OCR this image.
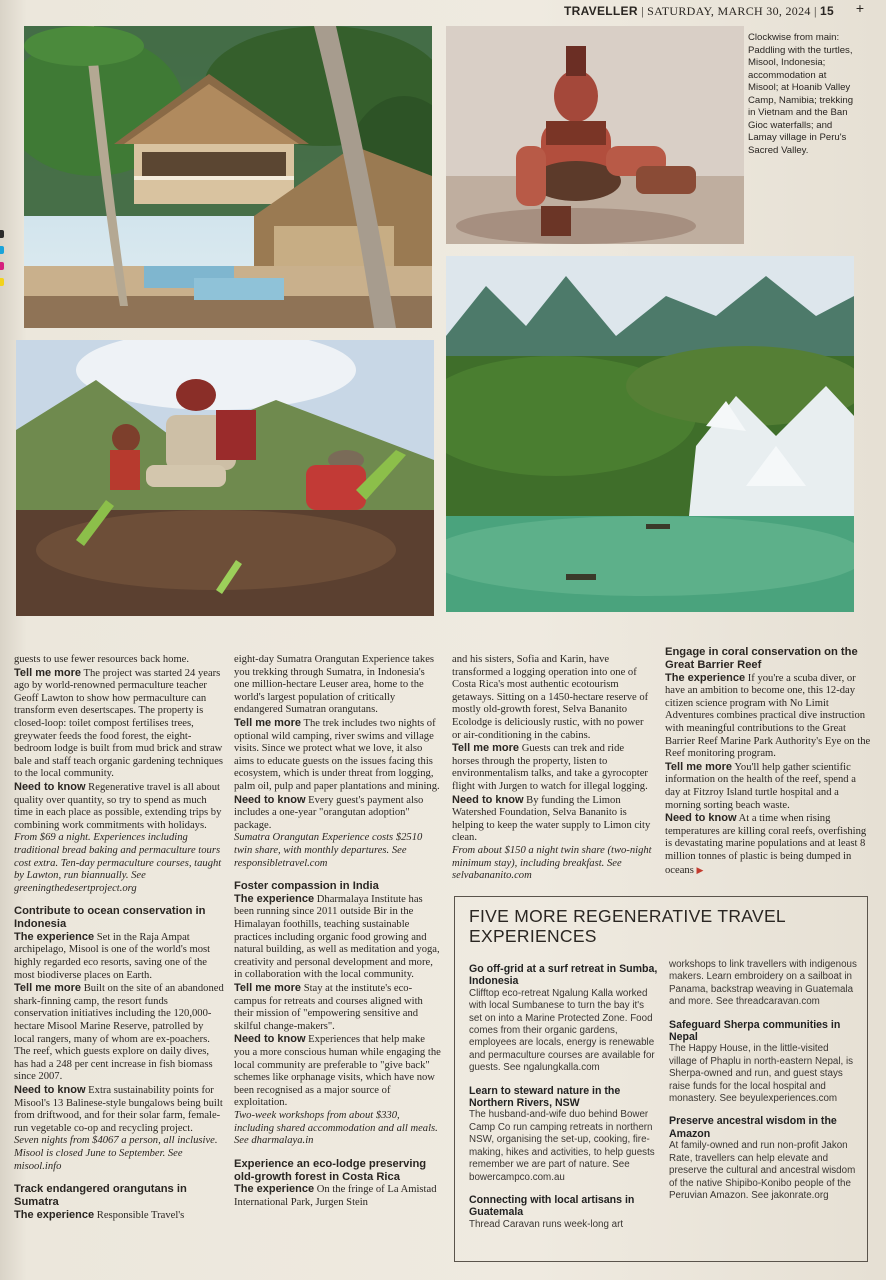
TRAVELLER | SATURDAY, MARCH 30, 2024 | 15 +
Clockwise from main: Paddling with the turtles, Misool, Indonesia; accommodation at Misool; at Hoanib Valley Camp, Namibia; trekking in Vietnam and the Ban Gioc waterfalls; and Lamay village in Peru's Sacred Valley.

guests to use fewer resources back home.

Tell me more The project was started 24 years ago by world-renowned permaculture teacher Geoff Lawton to show how permaculture can transform even desertscapes. The property is closed-loop: toilet compost fertilises trees, greywater feeds the food forest, the eight-bedroom lodge is built from mud brick and straw bale and staff teach organic gardening techniques to the local community.

Need to know Regenerative travel is all about quality over quantity, so try to spend as much time in each place as possible, extending trips by combining work commitments with holidays.

From $69 a night. Experiences including traditional bread baking and permaculture tours cost extra. Ten-day permaculture courses, taught by Lawton, run biannually. See greeningthedesertproject.org

Contribute to ocean conservation in Indonesia

The experience Set in the Raja Ampat archipelago, Misool is one of the world's most highly regarded eco resorts, saving one of the most biodiverse places on Earth.

Tell me more Built on the site of an abandoned shark-finning camp, the resort funds conservation initiatives including the 120,000-hectare Misool Marine Reserve, patrolled by local rangers, many of whom are ex-poachers. The reef, which guests explore on daily dives, has had a 248 per cent increase in fish biomass since 2007.

Need to know Extra sustainability points for Misool's 13 Balinese-style bungalows being built from driftwood, and for their solar farm, female-run vegetable co-op and recycling project.

Seven nights from $4067 a person, all inclusive. Misool is closed June to September. See misool.info

Track endangered orangutans in Sumatra

The experience Responsible Travel's

eight-day Sumatra Orangutan Experience takes you trekking through Sumatra, in Indonesia's one million-hectare Leuser area, home to the world's largest population of critically endangered Sumatran orangutans.

Tell me more The trek includes two nights of optional wild camping, river swims and village visits. Since we protect what we love, it also aims to educate guests on the issues facing this ecosystem, which is under threat from logging, palm oil, pulp and paper plantations and mining.

Need to know Every guest's payment also includes a one-year "orangutan adoption" package.

Sumatra Orangutan Experience costs $2510 twin share, with monthly departures. See responsibletravel.com

Foster compassion in India

The experience Dharmalaya Institute has been running since 2011 outside Bir in the Himalayan foothills, teaching sustainable practices including organic food growing and natural building, as well as meditation and yoga, creativity and personal development and more, in collaboration with the local community.

Tell me more Stay at the institute's eco-campus for retreats and courses aligned with their mission of "empowering sensitive and skilful change-makers".

Need to know Experiences that help make you a more conscious human while engaging the local community are preferable to "give back" schemes like orphanage visits, which have now been recognised as a major source of exploitation.

Two-week workshops from about $330, including shared accommodation and all meals. See dharmalaya.in

Experience an eco-lodge preserving old-growth forest in Costa Rica

The experience On the fringe of La Amistad International Park, Jurgen Stein

and his sisters, Sofia and Karin, have transformed a logging operation into one of Costa Rica's most authentic ecotourism getaways. Sitting on a 1450-hectare reserve of mostly old-growth forest, Selva Bananito Ecolodge is deliciously rustic, with no power or air-conditioning in the cabins.

Tell me more Guests can trek and ride horses through the property, listen to environmentalism talks, and take a gyrocopter flight with Jurgen to watch for illegal logging.

Need to know By funding the Limon Watershed Foundation, Selva Bananito is helping to keep the water supply to Limon city clean.

From about $150 a night twin share (two-night minimum stay), including breakfast. See selvabananito.com

Engage in coral conservation on the Great Barrier Reef

The experience If you're a scuba diver, or have an ambition to become one, this 12-day citizen science program with No Limit Adventures combines practical dive instruction with meaningful contributions to the Great Barrier Reef Marine Park Authority's Eye on the Reef monitoring program.

Tell me more You'll help gather scientific information on the health of the reef, spend a day at Fitzroy Island turtle hospital and a morning sorting beach waste.

Need to know At a time when rising temperatures are killing coral reefs, overfishing is devastating marine populations and at least 8 million tonnes of plastic is being dumped in oceans ▶

FIVE MORE REGENERATIVE TRAVEL EXPERIENCES

Go off-grid at a surf retreat in Sumba, Indonesia

Clifftop eco-retreat Ngalung Kalla worked with local Sumbanese to turn the bay it's set on into a Marine Protected Zone. Food comes from their organic gardens, employees are locals, energy is renewable and permaculture courses are available for guests. See ngalungkalla.com

Learn to steward nature in the Northern Rivers, NSW

The husband-and-wife duo behind Bower Camp Co run camping retreats in northern NSW, organising the set-up, cooking, fire-making, hikes and activities, to help guests remember we are part of nature. See bowercampco.com.au

Connecting with local artisans in Guatemala

Thread Caravan runs week-long art

workshops to link travellers with indigenous makers. Learn embroidery on a sailboat in Panama, backstrap weaving in Guatemala and more. See threadcaravan.com

Safeguard Sherpa communities in Nepal

The Happy House, in the little-visited village of Phaplu in north-eastern Nepal, is Sherpa-owned and run, and guest stays raise funds for the local hospital and monastery. See beyulexperiences.com

Preserve ancestral wisdom in the Amazon

At family-owned and run non-profit Jakon Rate, travellers can help elevate and preserve the cultural and ancestral wisdom of the native Shipibo-Konibo people of the Peruvian Amazon. See jakonrate.org
